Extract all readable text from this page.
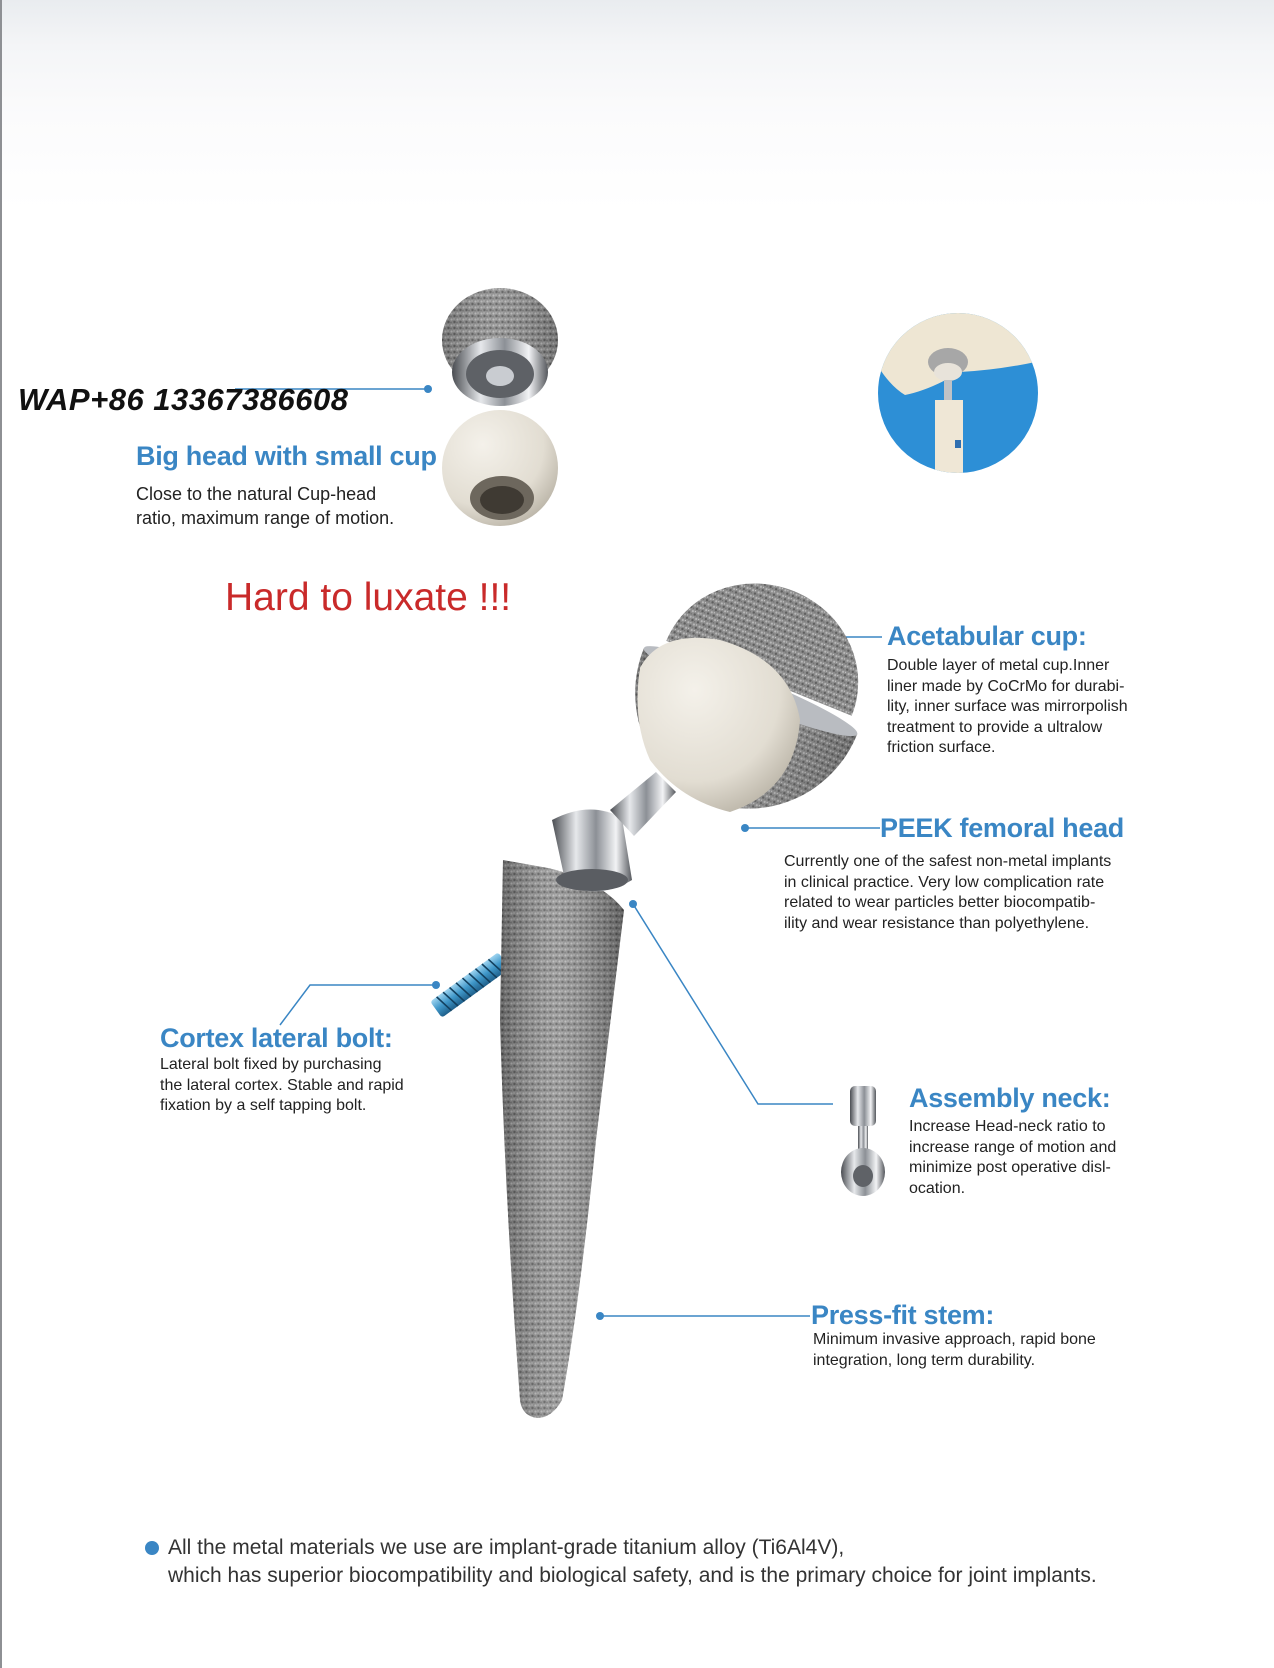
WAP+86 13367386608
Big head with small cup
Close to the natural Cup-head
ratio, maximum range of motion.
Hard to luxate !!!
Acetabular cup:
Double layer of metal cup.Inner
liner made by CoCrMo for durabi-
lity, inner surface was mirrorpolish
treatment to provide a ultralow
friction surface.
PEEK femoral head
Currently one of the safest non-metal implants
in clinical practice. Very low complication rate
related to wear particles better biocompatib-
ility and wear resistance than polyethylene.
Cortex lateral bolt:
Lateral bolt fixed by purchasing
the lateral cortex. Stable and rapid
fixation by a self tapping bolt.	Assembly neck:
Increase Head-neck ratio to
increase range of motion and
minimize post operative disl-
ocation.
Press-fit stem:
Minimum invasive approach, rapid bone
integration, long term durability.
All the metal materials we use are implant-grade titanium alloy (Ti6Al4V),
which has superior biocompatibility and biological safety, and is the primary choice for joint implants.
